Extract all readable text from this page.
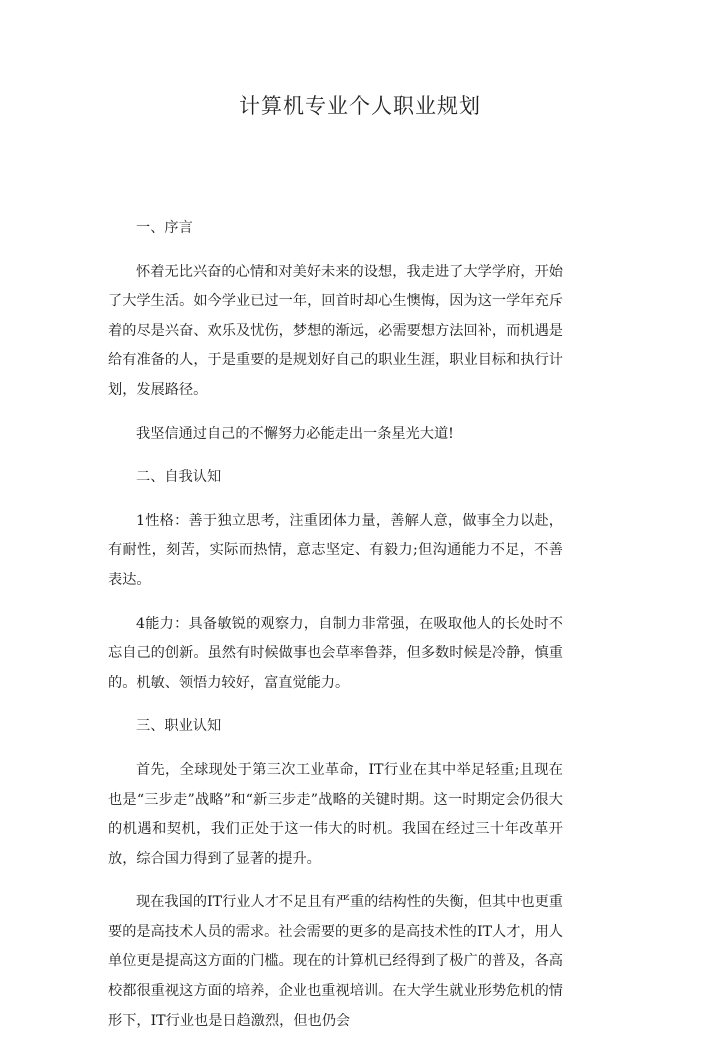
计算机专业个人职业规划

一、序言

怀着无比兴奋的心情和对美好未来的设想，我走进了大学学府，开始了大学生活。如今学业已过一年，回首时却心生懊悔，因为这一学年充斥着的尽是兴奋、欢乐及忧伤，梦想的渐远，必需要想方法回补，而机遇是给有准备的人，于是重要的是规划好自己的职业生涯，职业目标和执行计划，发展路径。

我坚信通过自己的不懈努力必能走出一条星光大道!

二、自我认知

1性格：善于独立思考，注重团体力量，善解人意，做事全力以赴，有耐性，刻苦，实际而热情，意志坚定、有毅力;但沟通能力不足，不善表达。

4能力：具备敏锐的观察力，自制力非常强，在吸取他人的长处时不忘自己的创新。虽然有时候做事也会草率鲁莽，但多数时候是冷静，慎重的。机敏、领悟力较好，富直觉能力。

三、职业认知

首先，全球现处于第三次工业革命，IT行业在其中举足轻重;且现在也是“三步走”战略”和“新三步走”战略的关键时期。这一时期定会仍很大的机遇和契机，我们正处于这一伟大的时机。我国在经过三十年改革开放，综合国力得到了显著的提升。

现在我国的IT行业人才不足且有严重的结构性的失衡，但其中也更重要的是高技术人员的需求。社会需要的更多的是高技术性的IT人才，用人单位更是提高这方面的门槛。现在的计算机已经得到了极广的普及，各高校都很重视这方面的培养，企业也重视培训。在大学生就业形势危机的情形下，IT行业也是日趋激烈，但也仍会
